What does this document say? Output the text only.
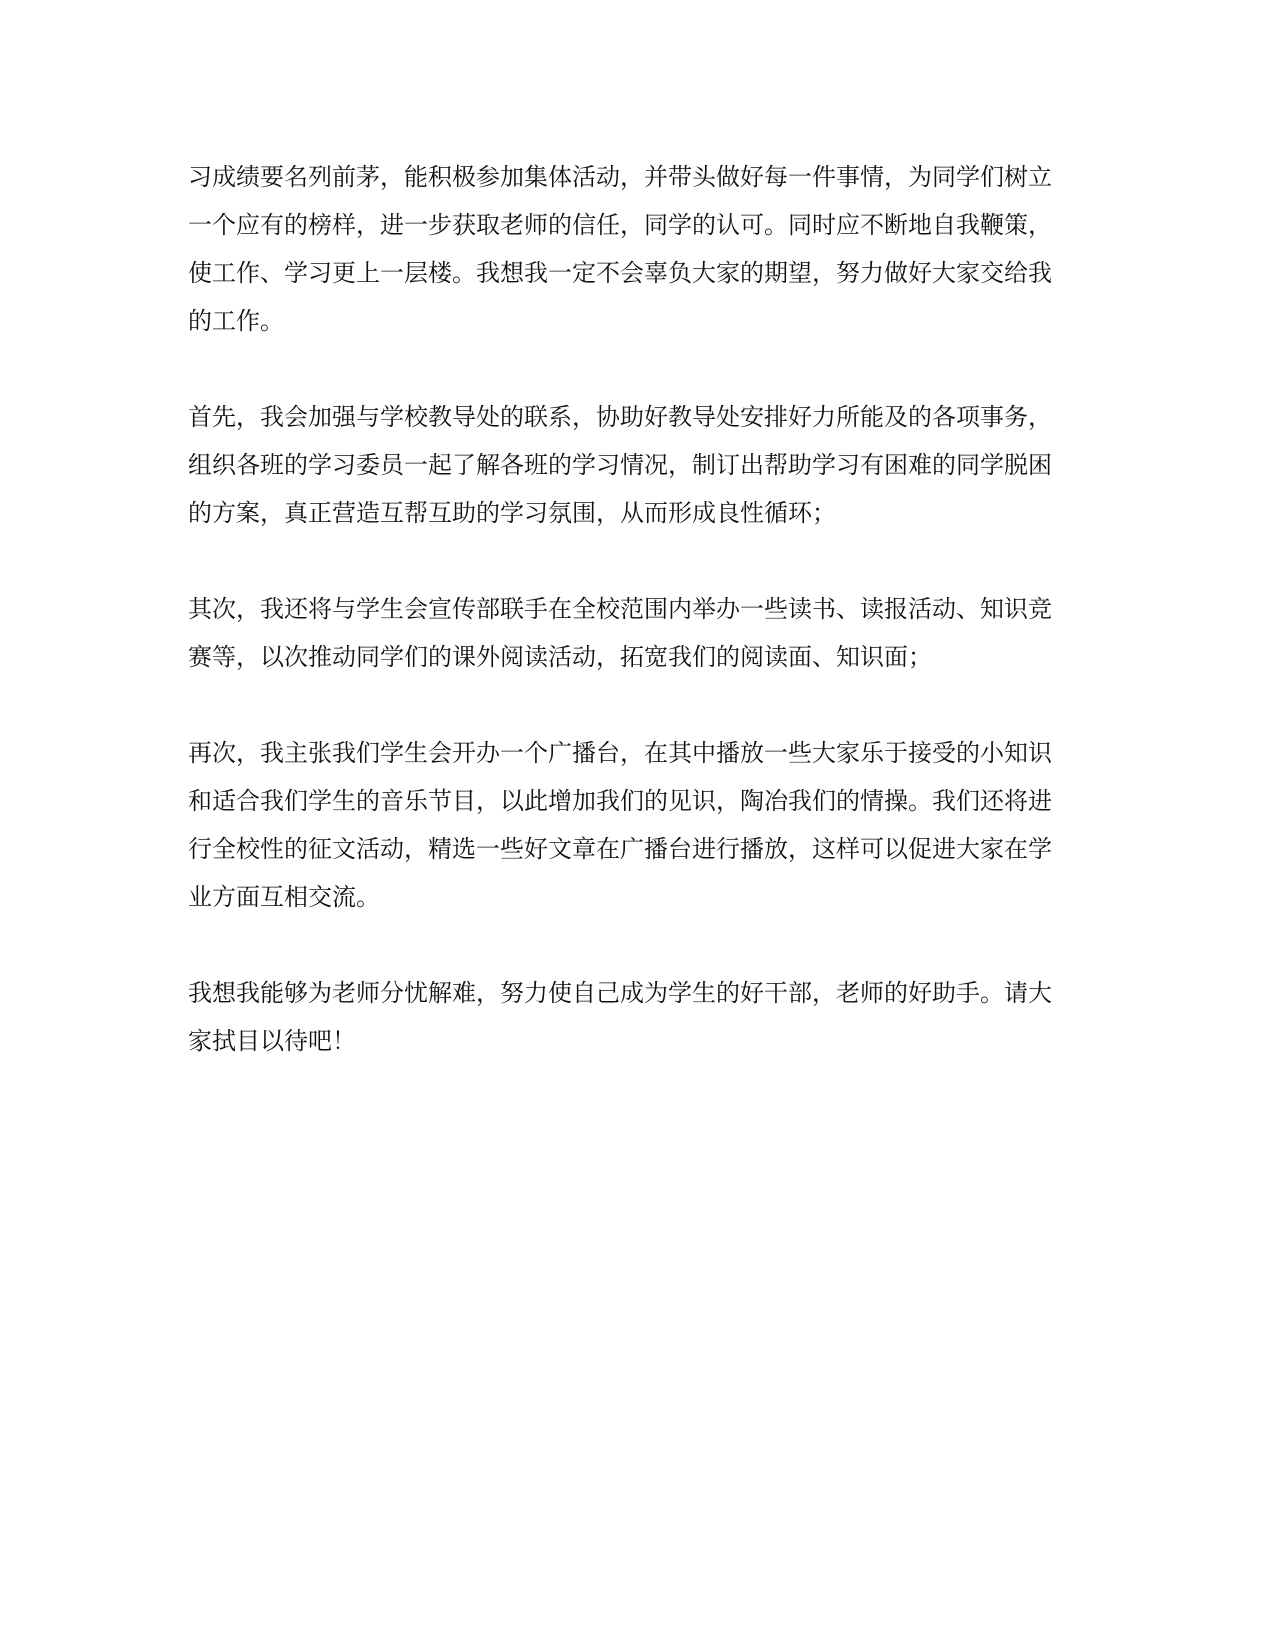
习成绩要名列前茅，能积极参加集体活动，并带头做好每一件事情，为同学们树立
一个应有的榜样，进一步获取老师的信任，同学的认可。同时应不断地自我鞭策，
使工作、学习更上一层楼。我想我一定不会辜负大家的期望，努力做好大家交给我
的工作。
首先，我会加强与学校教导处的联系，协助好教导处安排好力所能及的各项事务，
组织各班的学习委员一起了解各班的学习情况，制订出帮助学习有困难的同学脱困
的方案，真正营造互帮互助的学习氛围，从而形成良性循环；
其次，我还将与学生会宣传部联手在全校范围内举办一些读书、读报活动、知识竞
赛等，以次推动同学们的课外阅读活动，拓宽我们的阅读面、知识面；
再次，我主张我们学生会开办一个广播台，在其中播放一些大家乐于接受的小知识
和适合我们学生的音乐节目，以此增加我们的见识，陶冶我们的情操。我们还将进
行全校性的征文活动，精选一些好文章在广播台进行播放，这样可以促进大家在学
业方面互相交流。
我想我能够为老师分忧解难，努力使自己成为学生的好干部，老师的好助手。请大
家拭目以待吧！
